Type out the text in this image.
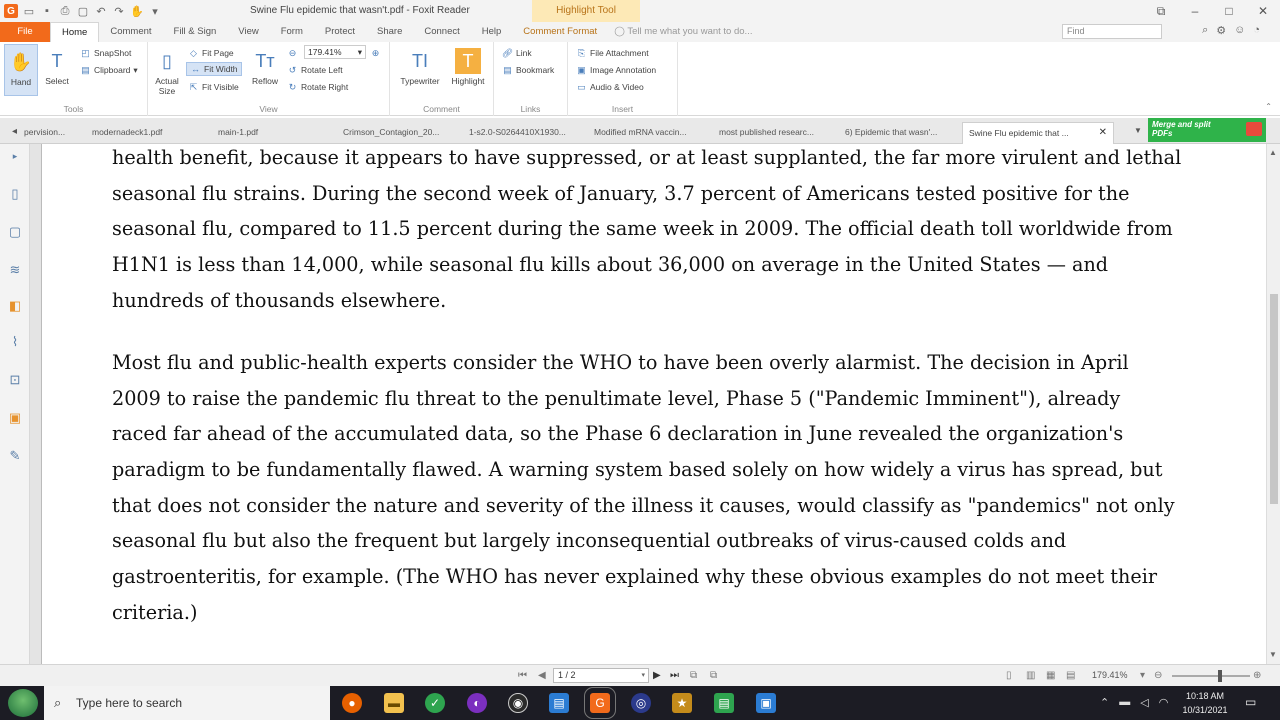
G ▭ ▪	⎙ ▢ ↶ ↷ ✋ ▾	Swine Flu epidemic that wasn't.pdf - Foxit Reader	Highlight Tool	⧉	–	□	✕
File	Home	Comment	Fill & Sign	View	Form	Protect	Share	Connect	Help	Comment Format	◯ Tell me what you want to do...	Find	⌕ ⚙ ☺ ◔
✋
Hand
T
Select
◰ SnapShot
▤ Clipboard ▾
Tools
▯
Actual Size
◇ Fit Page
↔ Fit Width
⇱ Fit Visible
Tт
Reflow
⊖	179.41% ▾ ⊕
↺ Rotate Left
↻ Rotate Right
View
TI
Typewriter
T
Highlight
Comment
🔗︎ Link
▤ Bookmark
Links
⎘ File Attachment
▣ Image Annotation
▭ Audio & Video
Insert	⌃
◂ pervision...	modernadeck1.pdf	main-1.pdf	Crimson_Contagion_20...	1-s2.0-S0264410X1930...	Modified mRNA vaccin...	most published researc...	6) Epidemic that wasn'...	Swine Flu epidemic that ...	✕	▼
Merge and split PDFs
▸
▯
▢
≋
◧
⌇
⊡
▣
✎
health benefit, because it appears to have suppressed, or at least supplanted, the far more virulent and lethal
seasonal flu strains. During the second week of January, 3.7 percent of Americans tested positive for the
seasonal flu, compared to 11.5 percent during the same week in 2009. The official death toll worldwide from
H1N1 is less than 14,000, while seasonal flu kills about 36,000 on average in the United States — and
hundreds of thousands elsewhere.
Most flu and public-health experts consider the WHO to have been overly alarmist. The decision in April
2009 to raise the pandemic flu threat to the penultimate level, Phase 5 ("Pandemic Imminent"), already
raced far ahead of the accumulated data, so the Phase 6 declaration in June revealed the organization's
paradigm to be fundamentally flawed. A warning system based solely on how widely a virus has spread, but
that does not consider the nature and severity of the illness it causes, would classify as "pandemics" not only
seasonal flu but also the frequent but largely inconsequential outbreaks of virus-caused colds and
gastroenteritis, for example. (The WHO has never explained why these obvious examples do not meet their
criteria.)
▲
▼
⏮ ◀	1 / 2	▾ ▶ ⏭ ⧉ ⧉	▯ ▥ ▦ ▤ 179.41% ▾ ⊖	⊕
⌕ Type here to search	●	▬	✓	◐	◉	▤	G	◎	★	▤	▣	⌃ ▬ ◁ ◠
10:18 AM
10/31/2021
▭
